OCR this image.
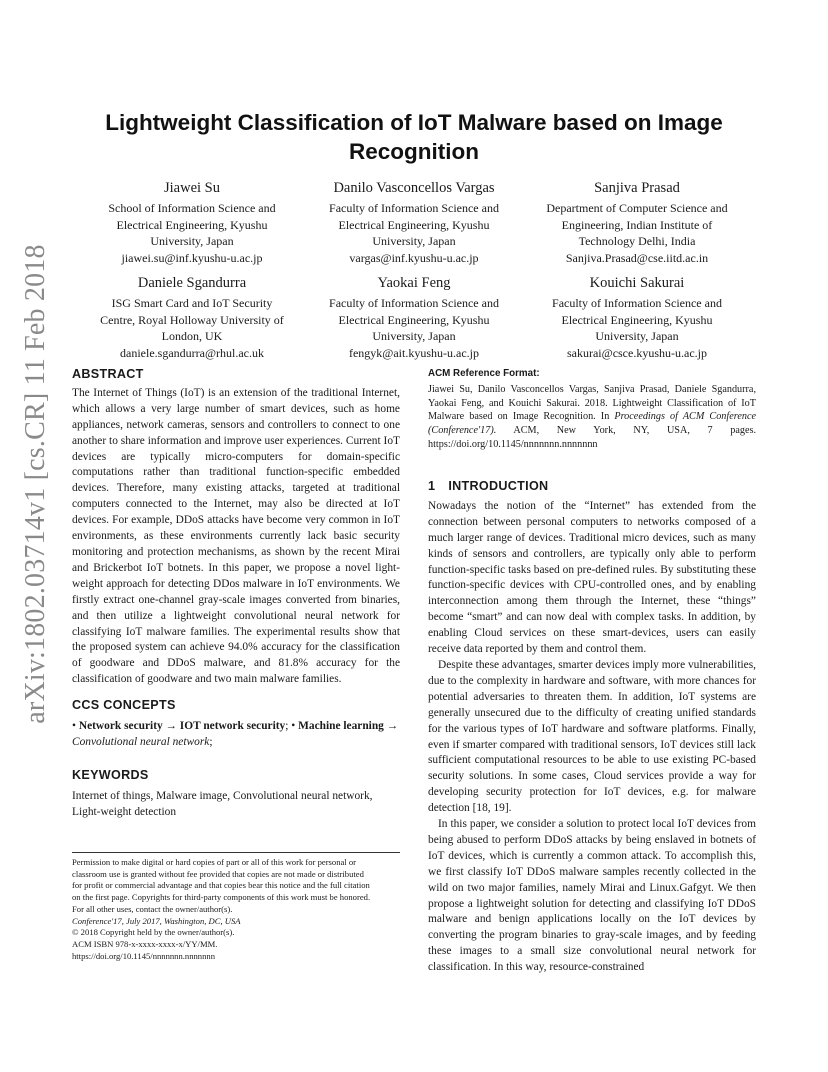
arXiv:1802.03714v1 [cs.CR] 11 Feb 2018
Lightweight Classification of IoT Malware based on Image
Recognition
Jiawei Su
School of Information Science and
Electrical Engineering, Kyushu
University, Japan
jiawei.su@inf.kyushu-u.ac.jp
Danilo Vasconcellos Vargas
Faculty of Information Science and
Electrical Engineering, Kyushu
University, Japan
vargas@inf.kyushu-u.ac.jp
Sanjiva Prasad
Department of Computer Science and
Engineering, Indian Institute of
Technology Delhi, India
Sanjiva.Prasad@cse.iitd.ac.in
Daniele Sgandurra
ISG Smart Card and IoT Security
Centre, Royal Holloway University of
London, UK
daniele.sgandurra@rhul.ac.uk
Yaokai Feng
Faculty of Information Science and
Electrical Engineering, Kyushu
University, Japan
fengyk@ait.kyushu-u.ac.jp
Kouichi Sakurai
Faculty of Information Science and
Electrical Engineering, Kyushu
University, Japan
sakurai@csce.kyushu-u.ac.jp
ABSTRACT

The Internet of Things (IoT) is an extension of the traditional Internet, which allows a very large number of smart devices, such as home appliances, network cameras, sensors and controllers to connect to one another to share information and improve user experiences. Current IoT devices are typically micro-computers for domain-specific computations rather than traditional function-specific embedded devices. Therefore, many existing attacks, targeted at traditional computers connected to the Internet, may also be directed at IoT devices. For example, DDoS attacks have become very common in IoT environments, as these environments currently lack basic security monitoring and protection mechanisms, as shown by the recent Mirai and Brickerbot IoT botnets. In this paper, we propose a novel light-weight approach for detecting DDos malware in IoT environments. We firstly extract one-channel gray-scale images converted from binaries, and then utilize a lightweight convolutional neural network for classifying IoT malware families. The experimental results show that the proposed system can achieve 94.0% accuracy for the classification of goodware and DDoS malware, and 81.8% accuracy for the classification of goodware and two main malware families.

CCS CONCEPTS

• Network security → IOT network security; • Machine learning → Convolutional neural network;

KEYWORDS

Internet of things, Malware image, Convolutional neural network, Light-weight detection

Permission to make digital or hard copies of part or all of this work for personal or
classroom use is granted without fee provided that copies are not made or distributed
for profit or commercial advantage and that copies bear this notice and the full citation
on the first page. Copyrights for third-party components of this work must be honored.
For all other uses, contact the owner/author(s).
Conference'17, July 2017, Washington, DC, USA
© 2018 Copyright held by the owner/author(s).
ACM ISBN 978-x-xxxx-xxxx-x/YY/MM.
https://doi.org/10.1145/nnnnnnn.nnnnnnn
ACM Reference Format:
Jiawei Su, Danilo Vasconcellos Vargas, Sanjiva Prasad, Daniele Sgandurra, Yaokai Feng, and Kouichi Sakurai. 2018. Lightweight Classification of IoT Malware based on Image Recognition. In Proceedings of ACM Conference (Conference'17). ACM, New York, NY, USA, 7 pages. https://doi.org/10.1145/nnnnnnn.nnnnnnn
1 INTRODUCTION

Nowadays the notion of the “Internet” has extended from the connection between personal computers to networks composed of a much larger range of devices. Traditional micro devices, such as many kinds of sensors and controllers, are typically only able to perform function-specific tasks based on pre-defined rules. By substituting these function-specific devices with CPU-controlled ones, and by enabling interconnection among them through the Internet, these “things” become “smart” and can now deal with complex tasks. In addition, by enabling Cloud services on these smart-devices, users can easily receive data reported by them and control them.

Despite these advantages, smarter devices imply more vulnerabilities, due to the complexity in hardware and software, with more chances for potential adversaries to threaten them. In addition, IoT systems are generally unsecured due to the difficulty of creating unified standards for the various types of IoT hardware and software platforms. Finally, even if smarter compared with traditional sensors, IoT devices still lack sufficient computational resources to be able to use existing PC-based security solutions. In some cases, Cloud services provide a way for developing security protection for IoT devices, e.g. for malware detection [18, 19].

In this paper, we consider a solution to protect local IoT devices from being abused to perform DDoS attacks by being enslaved in botnets of IoT devices, which is currently a common attack. To accomplish this, we first classify IoT DDoS malware samples recently collected in the wild on two major families, namely Mirai and Linux.Gafgyt. We then propose a lightweight solution for detecting and classifying IoT DDoS malware and benign applications locally on the IoT devices by converting the program binaries to gray-scale images, and by feeding these images to a small size convolutional neural network for classification. In this way, resource-constrained
